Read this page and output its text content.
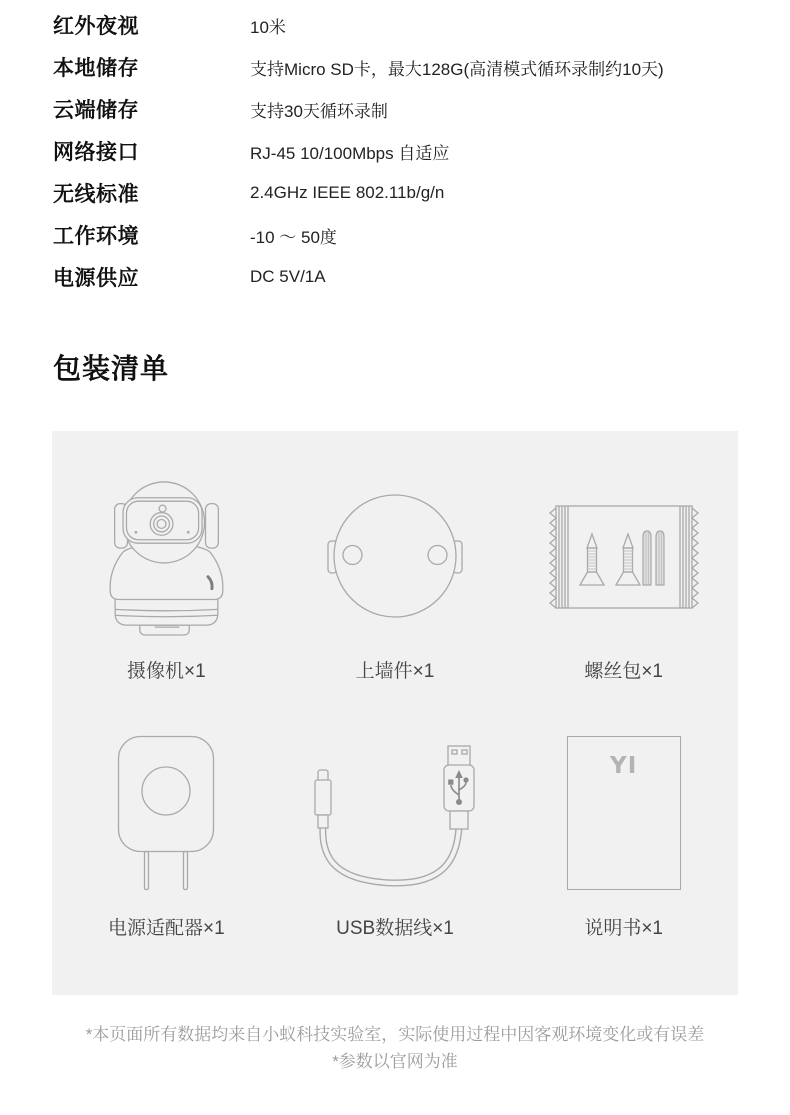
红外夜视	10米
本地储存	支持Micro SD卡，最大128G(高清模式循环录制约10天)
云端储存	支持30天循环录制
网络接口	RJ-45 10/100Mbps 自适应
无线标准	2.4GHz IEEE 802.11b/g/n
工作环境	-10 ～ 50度
电源供应	DC 5V/1A
包装清单
摄像机×1	上墙件×1	螺丝包×1
电源适配器×1	USB数据线×1
YI
说明书×1
*本页面所有数据均来自小蚁科技实验室，实际使用过程中因客观环境变化或有误差
*参数以官网为准
